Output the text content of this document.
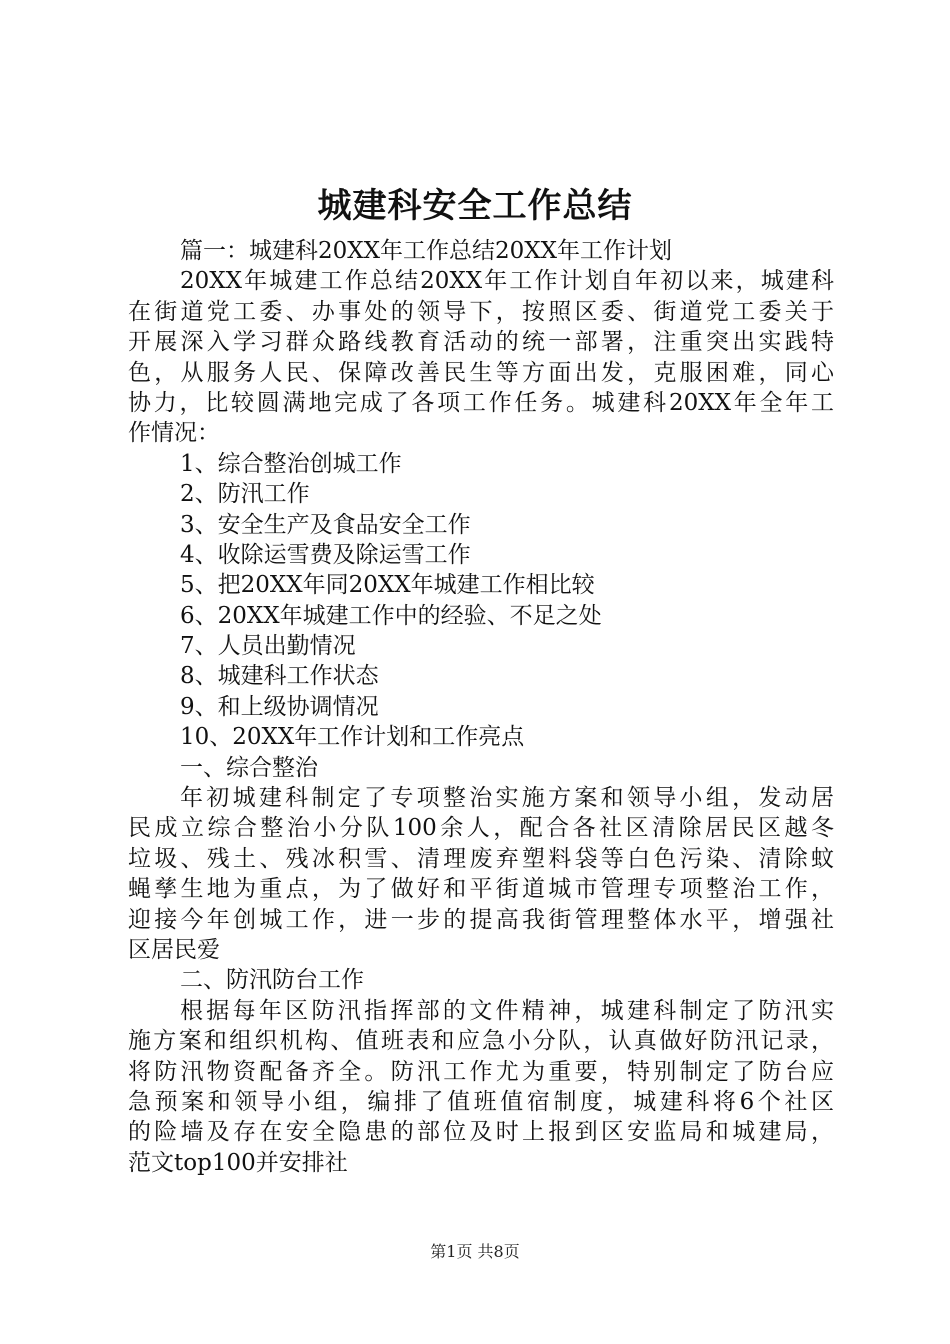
城建科安全工作总结
篇一：城建科20XX年工作总结20XX年工作计划
20XX年城建工作总结20XX年工作计划自年初以来，城建科
在街道党工委、办事处的领导下，按照区委、街道党工委关于
开展深入学习群众路线教育活动的统一部署，注重突出实践特
色，从服务人民、保障改善民生等方面出发，克服困难，同心
协力，比较圆满地完成了各项工作任务。城建科20XX年全年工
作情况：
1、综合整治创城工作
2、防汛工作
3、安全生产及食品安全工作
4、收除运雪费及除运雪工作
5、把20XX年同20XX年城建工作相比较
6、20XX年城建工作中的经验、不足之处
7、人员出勤情况
8、城建科工作状态
9、和上级协调情况
10、20XX年工作计划和工作亮点
一、综合整治
年初城建科制定了专项整治实施方案和领导小组，发动居
民成立综合整治小分队100余人，配合各社区清除居民区越冬
垃圾、残土、残冰积雪、清理废弃塑料袋等白色污染、清除蚊
蝇孳生地为重点，为了做好和平街道城市管理专项整治工作，
迎接今年创城工作，进一步的提高我街管理整体水平，增强社
区居民爱
二、防汛防台工作
根据每年区防汛指挥部的文件精神，城建科制定了防汛实
施方案和组织机构、值班表和应急小分队，认真做好防汛记录，
将防汛物资配备齐全。防汛工作尤为重要，特别制定了防台应
急预案和领导小组，编排了值班值宿制度，城建科将6个社区
的险墙及存在安全隐患的部位及时上报到区安监局和城建局，
范文top100并安排社
第1页 共8页
